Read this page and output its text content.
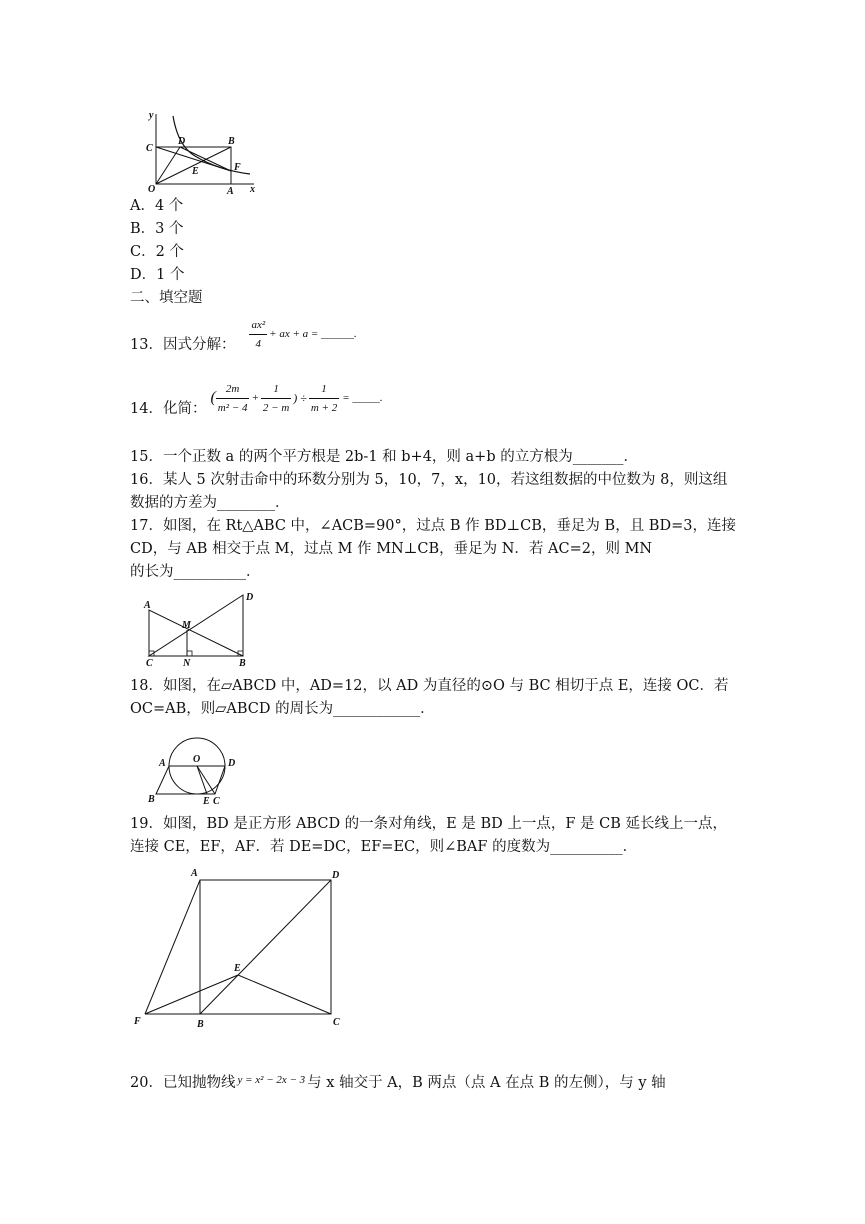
y
x
O	A
B
C
D
E	F
A．4 个
B．3 个
C．2 个
D．1 个
二、填空题
13．因式分解： $\frac{\text{ax²}}{4}$ + ax + a = ______.
14．化简：
( $\frac{2m}{\text{m² − 4}} + \frac{1}{2 - m}$ ) ÷ $\frac{1}{m + 2}$ = _____.
15．一个正数 a 的两个平方根是 2b-1 和 b+4，则 a+b 的立方根为_______．
16．某人 5 次射击命中的环数分别为 5，10，7，x，10，若这组数据的中位数为 8，则这组
数据的方差为________．
17．如图，在 Rt△ABC 中，∠ACB=90°，过点 B 作 BD⊥CB，垂足为 B，且 BD=3，连接
CD，与 AB 相交于点 M，过点 M 作 MN⊥CB，垂足为 N．若 AC=2，则 MN
的长为__________．
A
D
M
C	N	B
18．如图，在▱ABCD 中，AD=12，以 AD 为直径的⊙O 与 BC 相切于点 E，连接 OC．若
OC=AB，则▱ABCD 的周长为____________．
O
A	D
B	E C
19．如图，BD 是正方形 ABCD 的一条对角线，E 是 BD 上一点，F 是 CB 延长线上一点，
连接 CE，EF，AF．若 DE=DC，EF=EC，则∠BAF 的度数为__________．
A	D
E
F	B	C
20．已知抛物线 y = x² − 2x − 3 与 x 轴交于 A，B 两点（点 A 在点 B 的左侧），与 y 轴
